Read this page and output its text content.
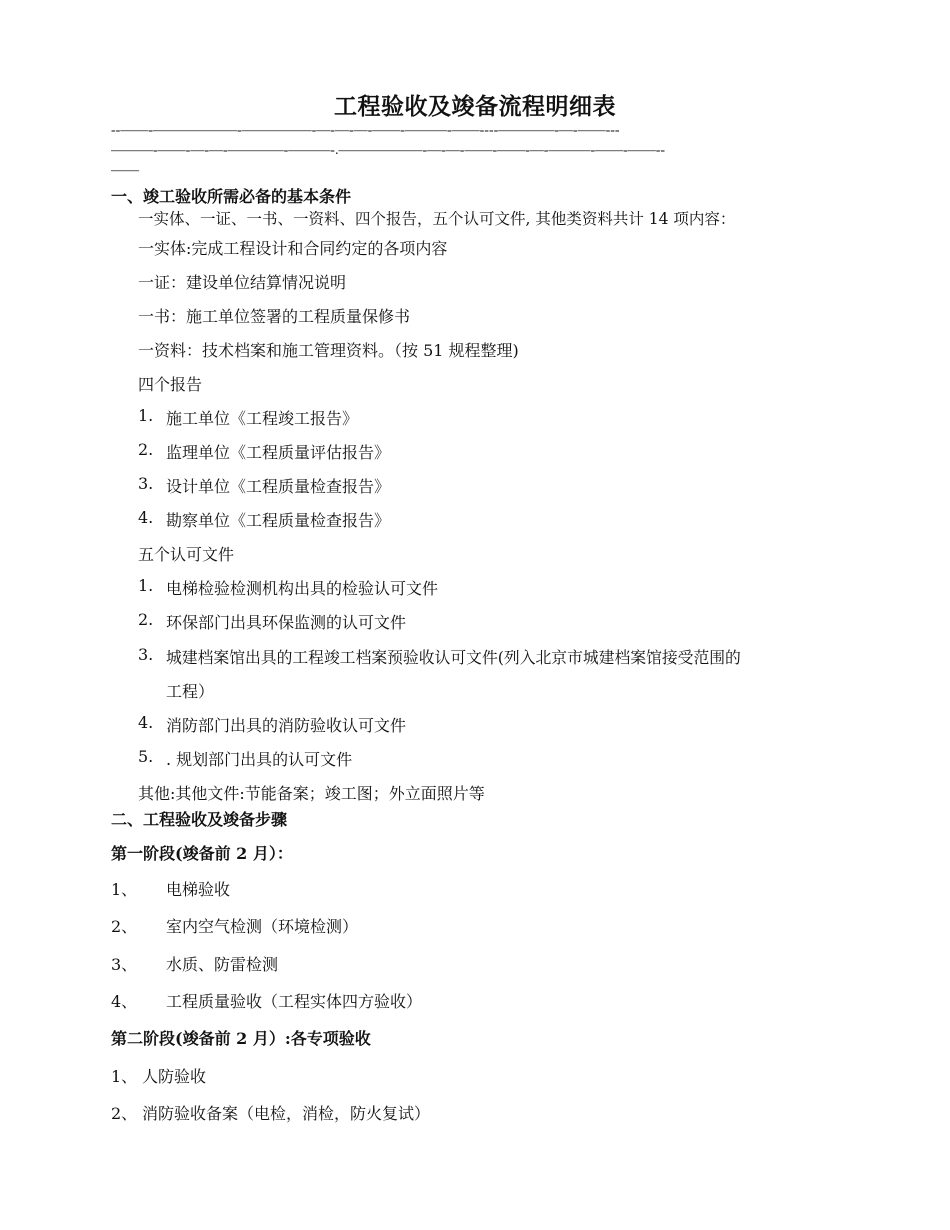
工程验收及竣备流程明细表
--——-——————-—————-—-—-—-——-———-——----————-—-——---
———-——-—-—-————-———-.——————-—-—-——-——-—-———-——-——--
——
一、竣工验收所需必备的基本条件
一实体、一证、一书、一资料、四个报告，五个认可文件, 其他类资料共计 14 项内容：
一实体:完成工程设计和合同约定的各项内容
一证：建设单位结算情况说明
一书：施工单位签署的工程质量保修书
一资料：技术档案和施工管理资料。（按 51 规程整理)
四个报告
1. 施工单位《工程竣工报告》
2. 监理单位《工程质量评估报告》
3. 设计单位《工程质量检查报告》
4. 勘察单位《工程质量检查报告》
五个认可文件
1. 电梯检验检测机构出具的检验认可文件
2. 环保部门出具环保监测的认可文件
3. 城建档案馆出具的工程竣工档案预验收认可文件(列入北京市城建档案馆接受范围的
工程）
4. 消防部门出具的消防验收认可文件
5. . 规划部门出具的认可文件
其他:其他文件:节能备案；竣工图；外立面照片等
二、工程验收及竣备步骤
第一阶段(竣备前 2 月）：
1、 电梯验收
2、 室内空气检测（环境检测）
3、 水质、防雷检测
4、 工程质量验收（工程实体四方验收）
第二阶段(竣备前 2 月）:各专项验收
1、 人防验收
2、 消防验收备案（电检，消检，防火复试）
